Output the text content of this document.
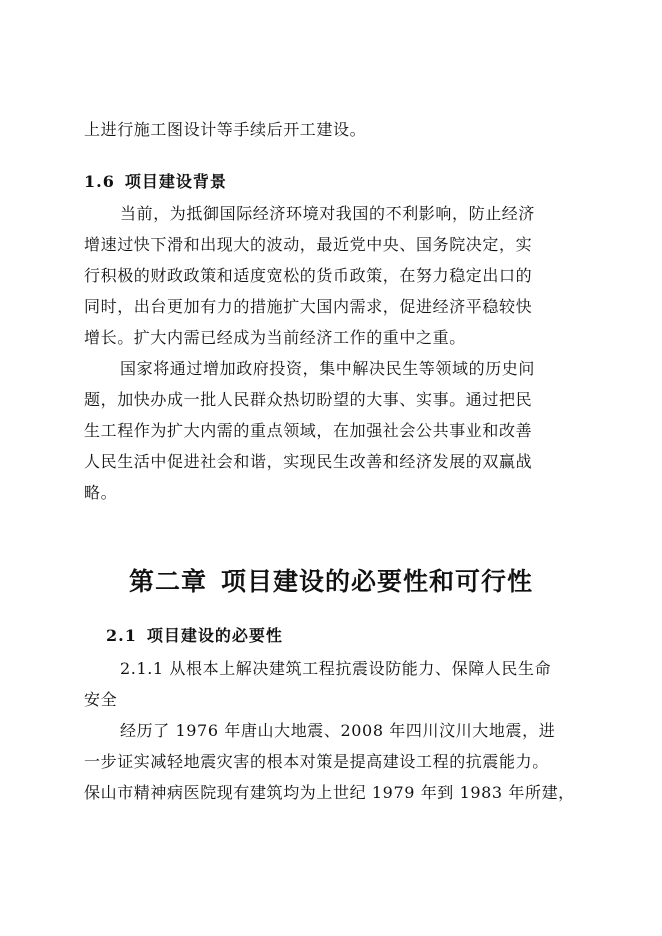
上进行施工图设计等手续后开工建设。
1.6 项目建设背景
当前，为抵御国际经济环境对我国的不利影响，防止经济
增速过快下滑和出现大的波动，最近党中央、国务院决定，实
行积极的财政政策和适度宽松的货币政策，在努力稳定出口的
同时，出台更加有力的措施扩大国内需求，促进经济平稳较快
增长。扩大内需已经成为当前经济工作的重中之重。
国家将通过增加政府投资，集中解决民生等领域的历史问
题，加快办成一批人民群众热切盼望的大事、实事。通过把民
生工程作为扩大内需的重点领域，在加强社会公共事业和改善
人民生活中促进社会和谐，实现民生改善和经济发展的双赢战
略。
第二章 项目建设的必要性和可行性
2.1 项目建设的必要性
2.1.1 从根本上解决建筑工程抗震设防能力、保障人民生命
安全
经历了 1976 年唐山大地震、2008 年四川汶川大地震，进
一步证实减轻地震灾害的根本对策是提高建设工程的抗震能力。
保山市精神病医院现有建筑均为上世纪 1979 年到 1983 年所建，
